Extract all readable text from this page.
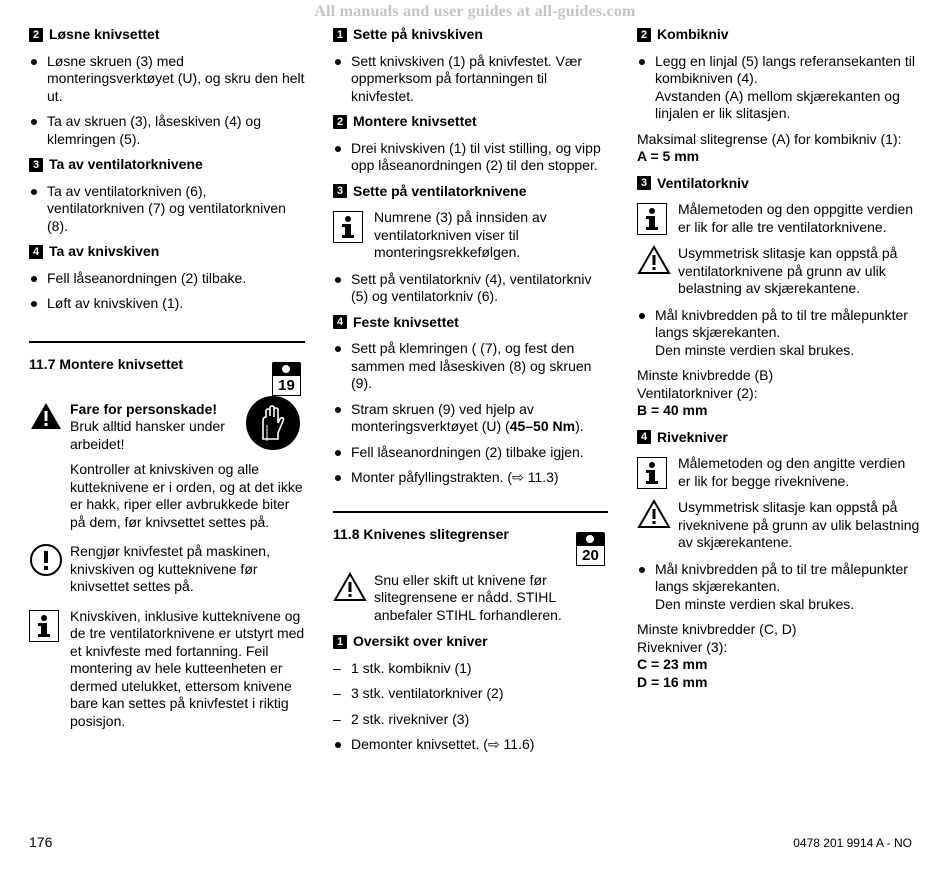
All manuals and user guides at all-guides.com
2 Løsne knivsettet
Løsne skruen (3) med monteringsverktøyet (U), og skru den helt ut.
Ta av skruen (3), låseskiven (4) og klemringen (5).
3 Ta av ventilatorknivene
Ta av ventilatorkniven (6), ventilatorkniven (7) og ventilatorkniven (8).
4 Ta av knivskiven
Fell låseanordningen (2) tilbake.
Løft av knivskiven (1).
11.7 Montere knivsettet
19
Fare for personskade!
Bruk alltid hansker under arbeidet!

Kontroller at knivskiven og alle kutteknivene er i orden, og at det ikke er hakk, riper eller avbrukkede biter på dem, før knivsettet settes på.

Rengjør knivfestet på maskinen, knivskiven og kutteknivene før knivsettet settes på.
Knivskiven, inklusive kutteknivene og de tre ventilatorknivene er utstyrt med et knivfeste med fortanning. Feil montering av hele kutteenheten er dermed utelukket, ettersom knivene bare kan settes på knivfestet i riktig posisjon.
1 Sette på knivskiven
Sett knivskiven (1) på knivfestet. Vær oppmerksom på fortanningen til knivfestet.
2 Montere knivsettet
Drei knivskiven (1) til vist stilling, og vipp opp låseanordningen (2) til den stopper.
3 Sette på ventilatorknivene
Numrene (3) på innsiden av ventilatorkniven viser til monteringsrekkefølgen.
Sett på ventilatorkniv (4), ventilatorkniv (5) og ventilatorkniv (6).
4 Feste knivsettet
Sett på klemringen ( (7), og fest den sammen med låseskiven (8) og skruen (9).
Stram skruen (9) ved hjelp av monteringsverktøyet (U) (45–50 Nm).
Fell låseanordningen (2) tilbake igjen.
Monter påfyllingstrakten. (⇨ 11.3)
11.8 Knivenes slitegrenser
20
Snu eller skift ut knivene før slitegrensene er nådd. STIHL anbefaler STIHL forhandleren.
1 Oversikt over kniver
– 1 stk. kombikniv (1)
– 3 stk. ventilatorkniver (2)
– 2 stk. rivekniver (3)
Demonter knivsettet. (⇨ 11.6)
2 Kombikniv
Legg en linjal (5) langs referansekanten til kombikniven (4).
Avstanden (A) mellom skjærekanten og linjalen er lik slitasjen.
Maksimal slitegrense (A) for kombikniv (1):

A = 5 mm

3 Ventilatorkniv
Målemetoden og den oppgitte verdien er lik for alle tre ventilatorknivene.
Usymmetrisk slitasje kan oppstå på ventilatorknivene på grunn av ulik belastning av skjærekantene.
Mål knivbredden på to til tre målepunkter langs skjærekanten.
Den minste verdien skal brukes.
Minste knivbredde (B)
Ventilatorkniver (2):

B = 40 mm

4 Rivekniver
Målemetoden og den angitte verdien er lik for begge riveknivene.
Usymmetrisk slitasje kan oppstå på riveknivene på grunn av ulik belastning av skjærekantene.
Mål knivbredden på to til tre målepunkter langs skjærekanten.
Den minste verdien skal brukes.
Minste knivbredder (C, D)
Rivekniver (3):
C = 23 mm
D = 16 mm
176	0478 201 9914 A - NO
